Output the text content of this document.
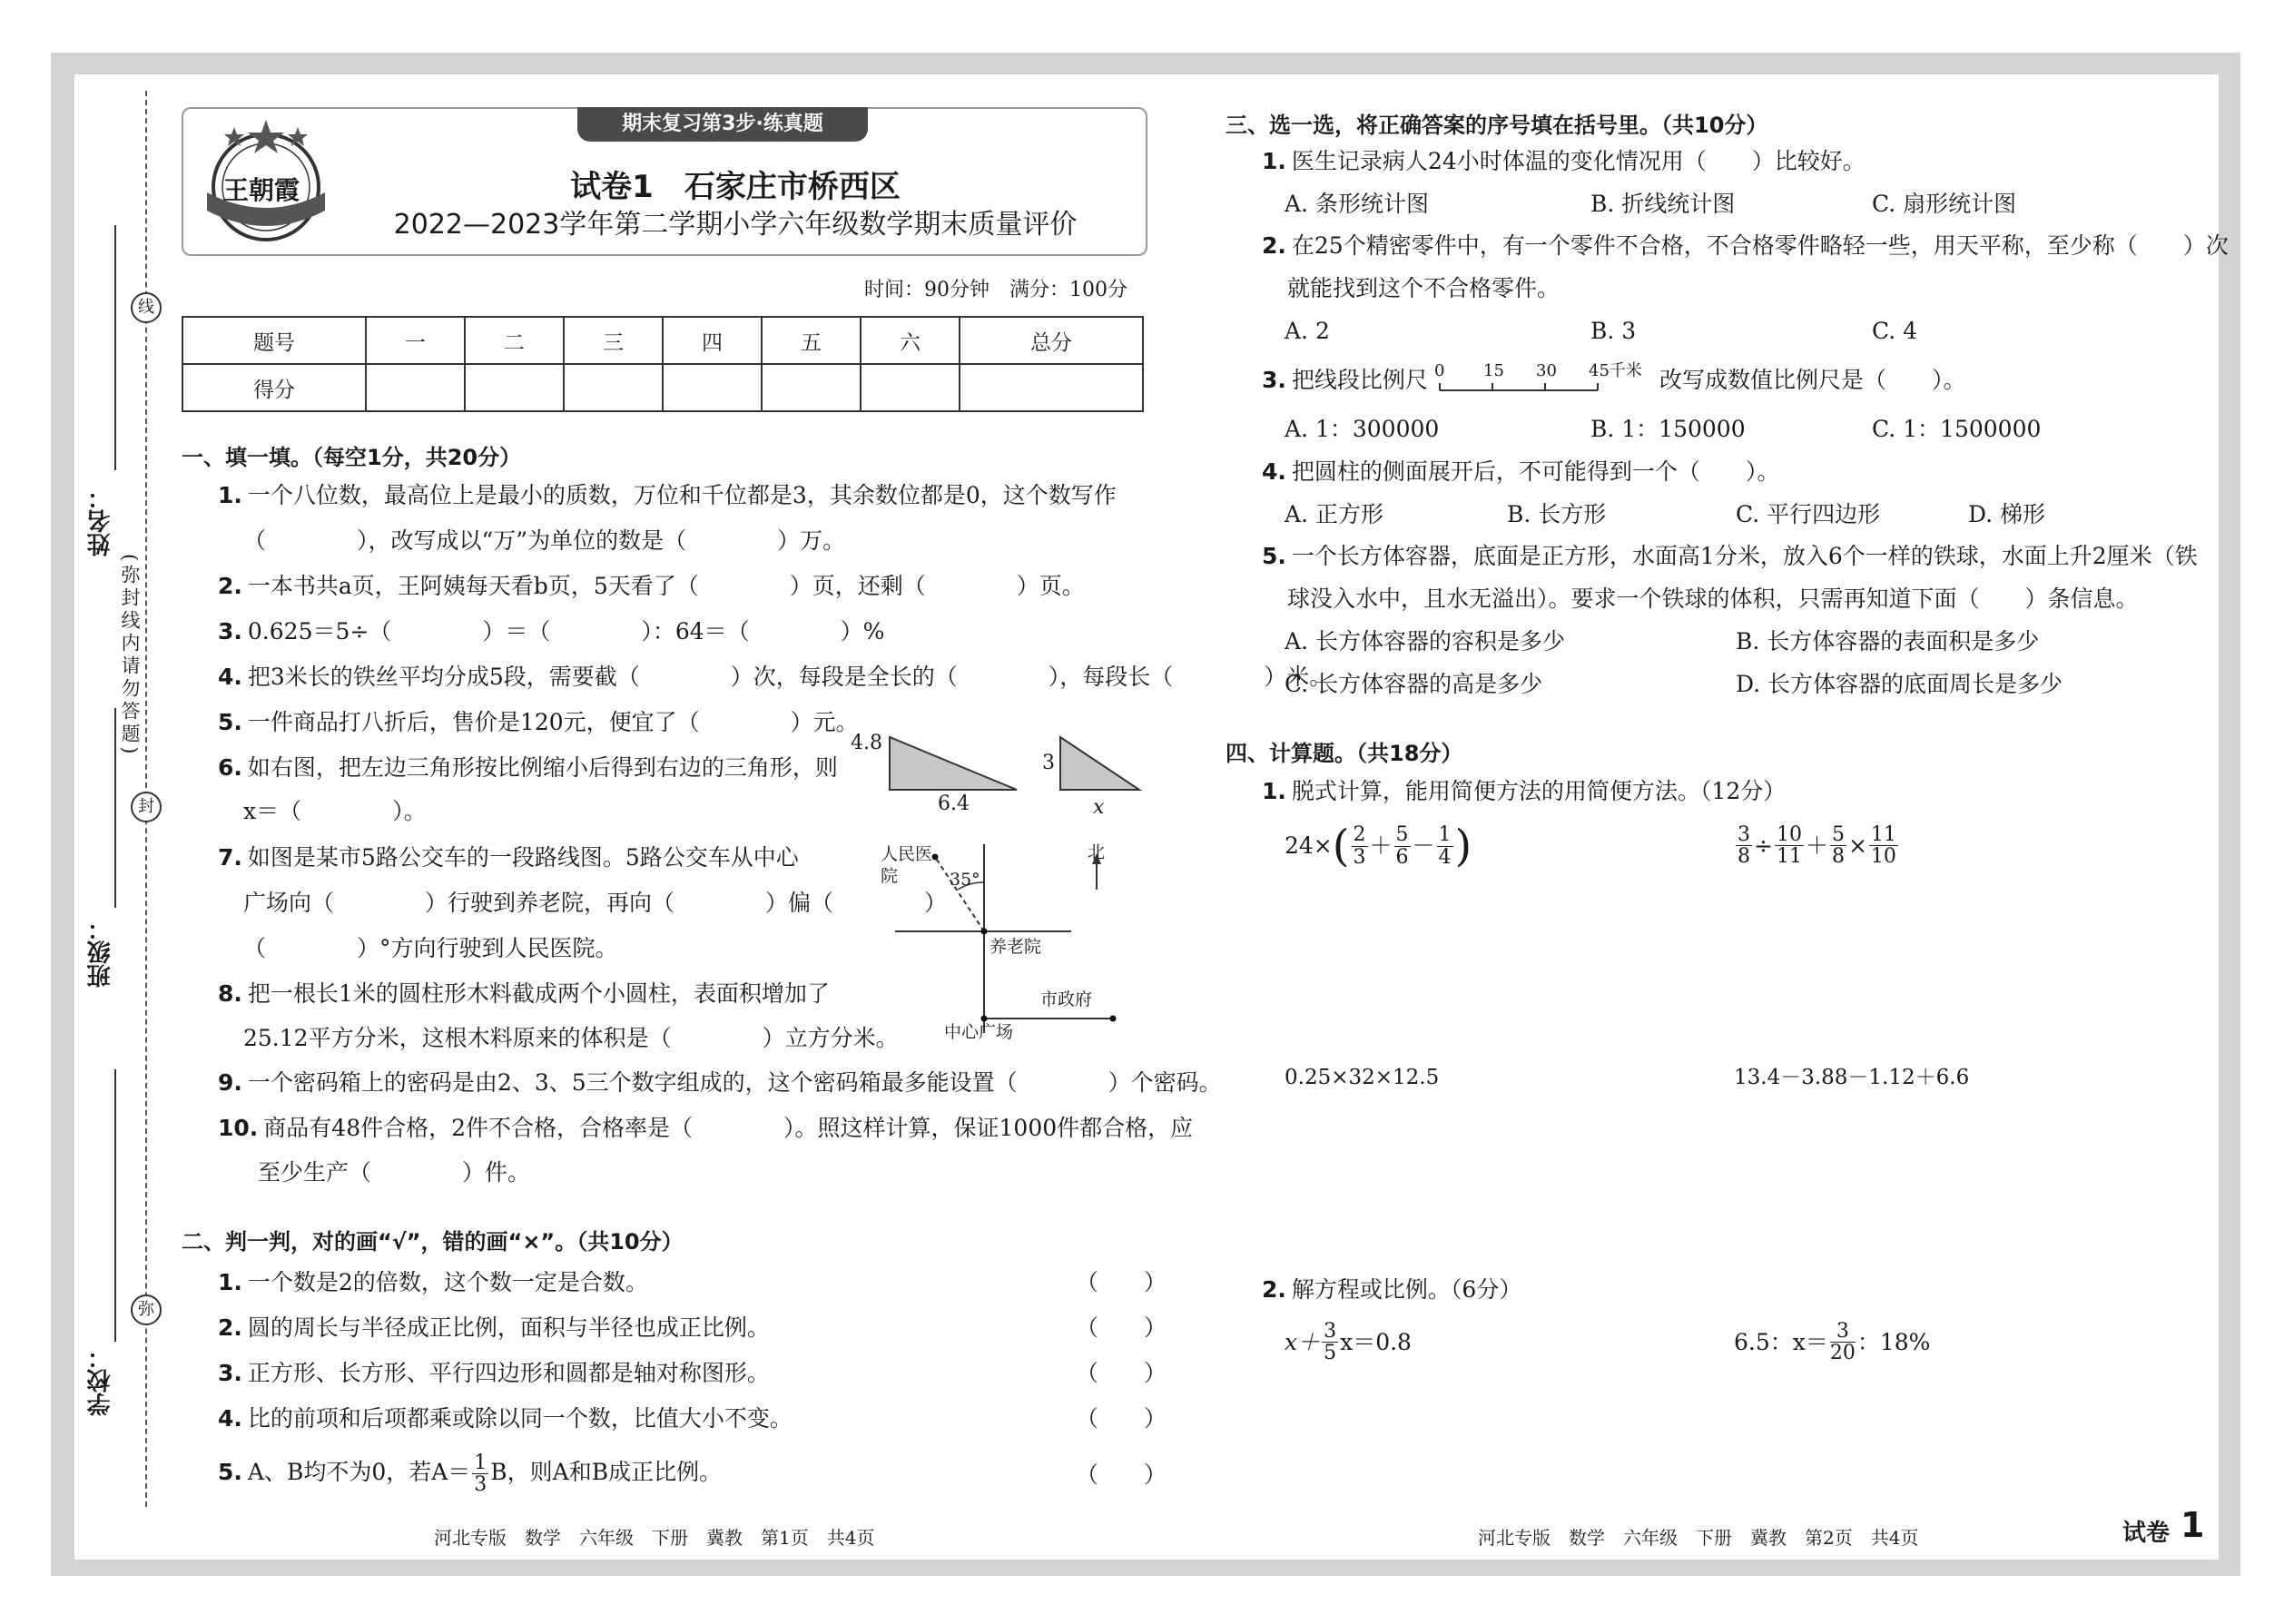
线
封
弥
(弥封线内请勿答题)
姓名：
班级：
学校：
期末复习第3步·练真题
王朝霞	试卷1　石家庄市桥西区
2022—2023学年第二学期小学六年级数学期末质量评价
时间：90分钟　满分：100分
题号	一	二	三	四	五	六	总分
得分							
一、填一填。（每空1分，共20分）
1. 一个八位数，最高位上是最小的质数，万位和千位都是3，其余数位都是0，这个数写作
（　　　　），改写成以“万”为单位的数是（　　　　）万。
2. 一本书共a页，王阿姨每天看b页，5天看了（　　　　）页，还剩（　　　　）页。
3. 0.625＝5÷（　　　　）＝（　　　　）：64＝（　　　　）%
4. 把3米长的铁丝平均分成5段，需要截（　　　　）次，每段是全长的（　　　　），每段长（　　　　）米。
5. 一件商品打八折后，售价是120元，便宜了（　　　　）元。
6. 如右图，把左边三角形按比例缩小后得到右边的三角形，则
x＝（　　　　）。
4.8
6.4
3
x
7. 如图是某市5路公交车的一段路线图。5路公交车从中心
广场向（　　　　）行驶到养老院，再向（　　　　）偏（　　　　）
（　　　　）°方向行驶到人民医院。
人民医院	35°
北
养老院
市政府
中心广场
8. 把一根长1米的圆柱形木料截成两个小圆柱，表面积增加了
25.12平方分米，这根木料原来的体积是（　　　　）立方分米。
9. 一个密码箱上的密码是由2、3、5三个数字组成的，这个密码箱最多能设置（　　　　）个密码。
10. 商品有48件合格，2件不合格，合格率是（　　　　）。照这样计算，保证1000件都合格，应
至少生产（　　　　）件。
二、判一判，对的画“√”，错的画“×”。（共10分）
1. 一个数是2的倍数，这个数一定是合数。
2. 圆的周长与半径成正比例，面积与半径也成正比例。
3. 正方形、长方形、平行四边形和圆都是轴对称图形。
4. 比的前项和后项都乘或除以同一个数，比值大小不变。
5. A、B均不为0，若$A= \frac{1}{3}$ B，则A和B成正比例。
（　　）
（　　）
（　　）
（　　）
（　　）
河北专版　数学　六年级　下册　冀教　第1页　共4页
三、选一选，将正确答案的序号填在括号里。（共10分）
1. 医生记录病人24小时体温的变化情况用（　　）比较好。
A. 条形统计图	B. 折线统计图	C. 扇形统计图
2. 在25个精密零件中，有一个零件不合格，不合格零件略轻一些，用天平称，至少称（　　）次
就能找到这个不合格零件。
A. 2	B. 3	C. 4
3. 把线段比例尺 0 15 30 45千米 改写成数值比例尺是（　　）。
A. 1：300000	B. 1：150000	C. 1：1500000
4. 把圆柱的侧面展开后，不可能得到一个（　　）。
A. 正方形	B. 长方形	C. 平行四边形	D. 梯形
5. 一个长方体容器，底面是正方形，水面高1分米，放入6个一样的铁球，水面上升2厘米（铁
球没入水中，且水无溢出）。要求一个铁球的体积，只需再知道下面（　　）条信息。
A. 长方体容器的容积是多少	B. 长方体容器的表面积是多少
C. 长方体容器的高是多少	D. 长方体容器的底面周长是多少
四、计算题。（共18分）
1. 脱式计算，能用简便方法的用简便方法。（12分）
24× ( $\frac{2}{3} + \frac{5}{6} - \frac{1}{4}$ )	$\frac{3}{8} \div \frac{10}{11} + \frac{5}{8} \times \frac{11}{10}$
0.25×32×12.5	13.4－3.88－1.12＋6.6
2. 解方程或比例。（6分）
$x+ \frac{3}{5} x=0.8$	6.5：$x= \frac{3}{20}$ ：18%
河北专版　数学　六年级　下册　冀教　第2页　共4页	试卷 1
